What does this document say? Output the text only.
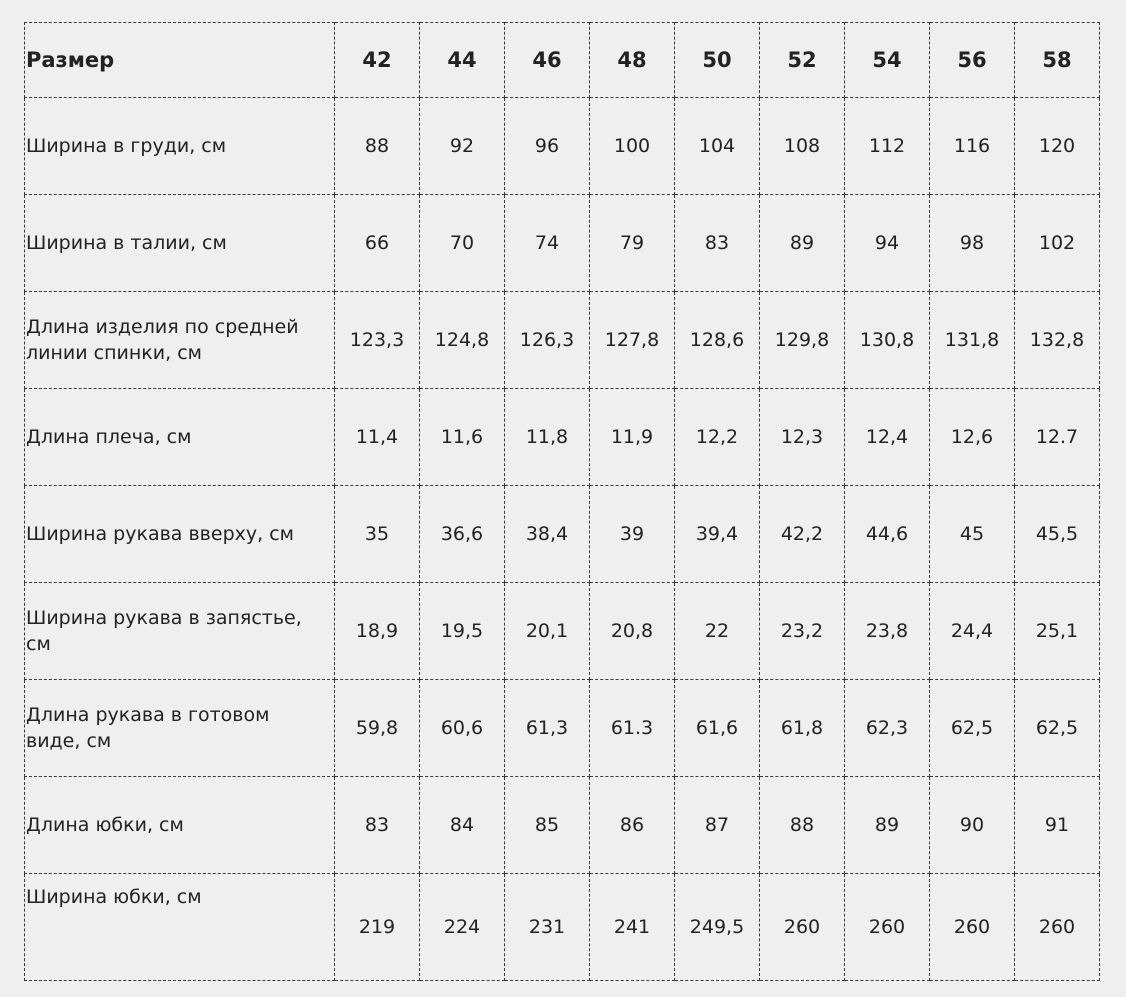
Размер	42	44	46	48	50	52	54	56	58
Ширина в груди, см	88	92	96	100	104	108	112	116	120
Ширина в талии, см	66	70	74	79	83	89	94	98	102
Длина изделия по средней линии спинки, см	123,3	124,8	126,3	127,8	128,6	129,8	130,8	131,8	132,8
Длина плеча, см	11,4	11,6	11,8	11,9	12,2	12,3	12,4	12,6	12.7
Ширина рукава вверху, см	35	36,6	38,4	39	39,4	42,2	44,6	45	45,5
Ширина рукава в запястье, см	18,9	19,5	20,1	20,8	22	23,2	23,8	24,4	25,1
Длина рукава в готовом виде, см	59,8	60,6	61,3	61.3	61,6	61,8	62,3	62,5	62,5
Длина юбки, см	83	84	85	86	87	88	89	90	91
Ширина юбки, см	219	224	231	241	249,5	260	260	260	260
